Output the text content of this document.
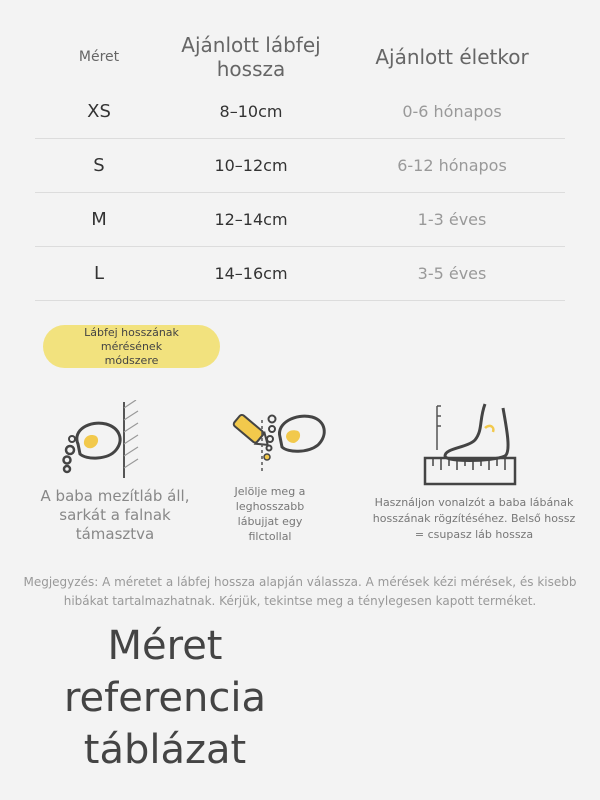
Méret	Ajánlott lábfej hossza	Ajánlott életkor
XS	8–10cm	0-6 hónapos
S	10–12cm	6-12 hónapos
M	12–14cm	1-3 éves
L	14–16cm	3-5 éves
Lábfej hosszának mérésének módszere
A baba mezítláb áll, sarkát a falnak támasztva
Jelölje meg a leghosszabb lábujjat egy filctollal
Használjon vonalzót a baba lábának hosszának rögzítéséhez. Belső hossz = csupasz láb hossza
Megjegyzés: A méretet a lábfej hossza alapján válassza. A mérések kézi mérések, és kisebb hibákat tartalmazhatnak. Kérjük, tekintse meg a ténylegesen kapott terméket.
Méret referencia táblázat
